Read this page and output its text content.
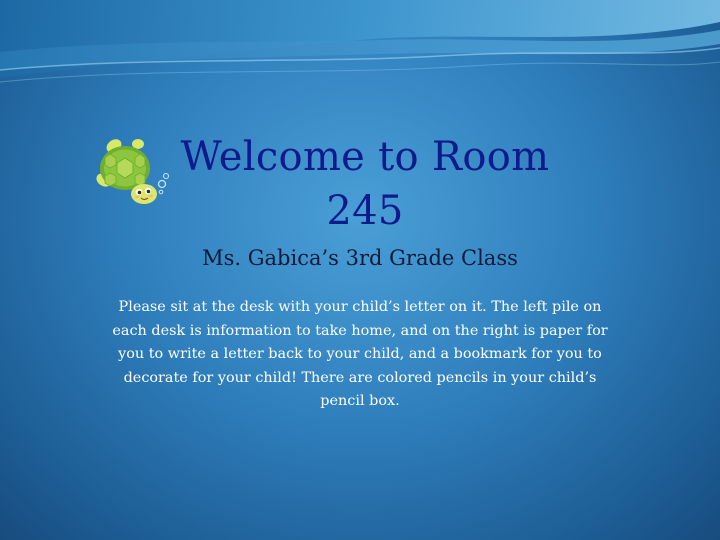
Welcome to Room 245
Ms. Gabica’s 3rd Grade Class
Please sit at the desk with your child’s letter on it. The left pile on each desk is information to take home, and on the right is paper for you to write a letter back to your child, and a bookmark for you to decorate for your child! There are colored pencils in your child’s pencil box.
